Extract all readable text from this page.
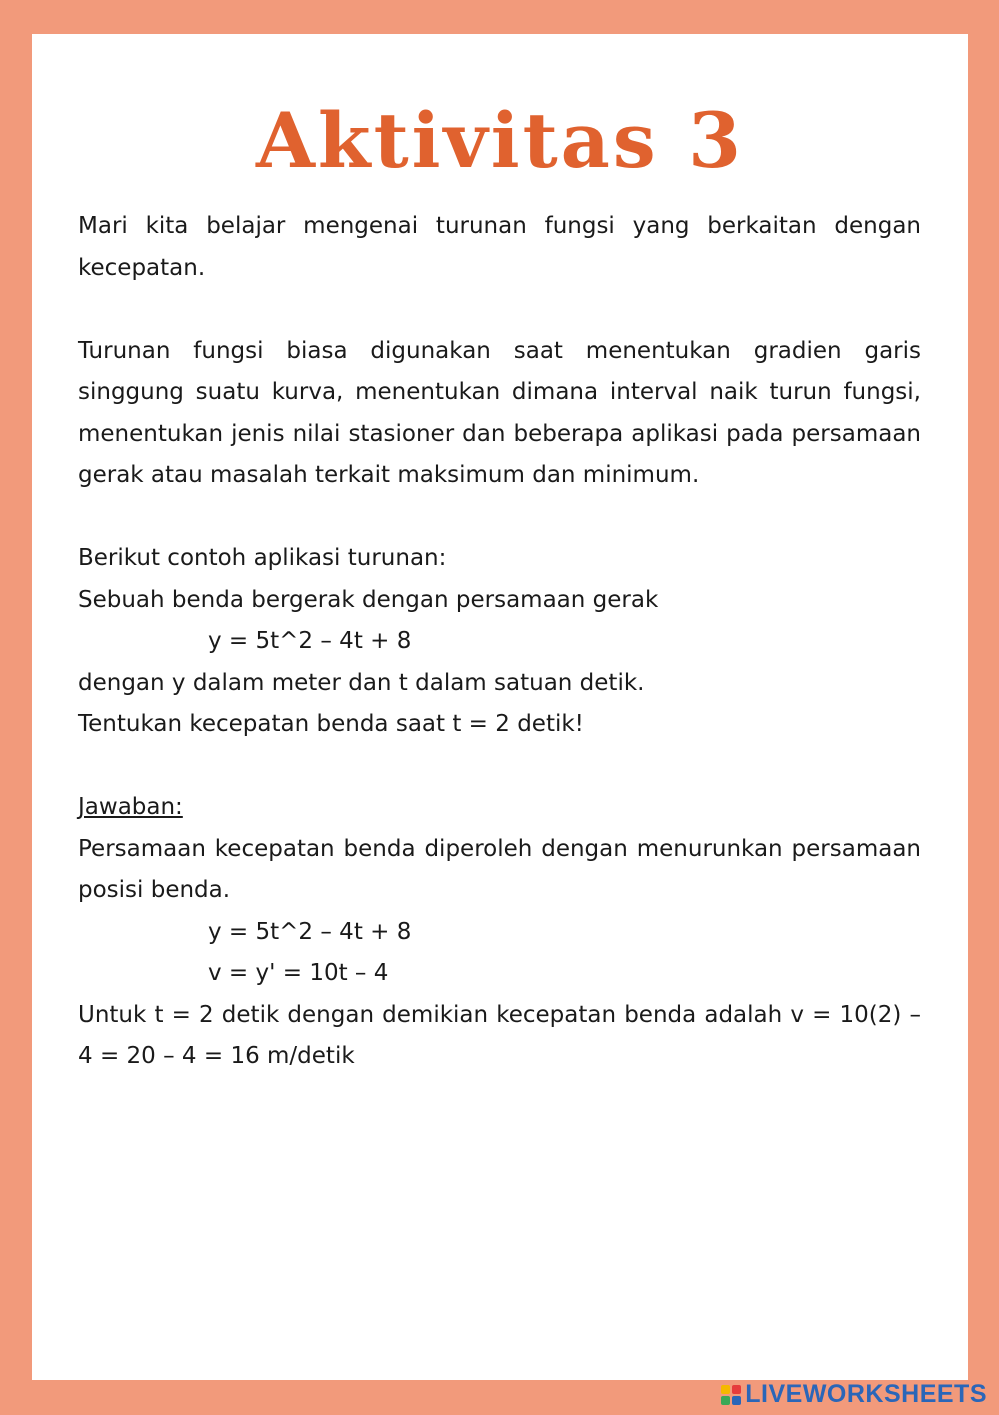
Aktivitas 3

Mari kita belajar mengenai turunan fungsi yang berkaitan dengan kecepatan.

Turunan fungsi biasa digunakan saat menentukan gradien garis singgung suatu kurva, menentukan dimana interval naik turun fungsi, menentukan jenis nilai stasioner dan beberapa aplikasi pada persamaan gerak atau masalah terkait maksimum dan minimum.

Berikut contoh aplikasi turunan:

Sebuah benda bergerak dengan persamaan gerak

y = 5t^2 – 4t + 8

dengan y dalam meter dan t dalam satuan detik.

Tentukan kecepatan benda saat t = 2 detik!

Jawaban:

Persamaan kecepatan benda diperoleh dengan menurunkan persamaan posisi benda.

y = 5t^2 – 4t + 8

v = y' = 10t – 4

Untuk t = 2 detik dengan demikian kecepatan benda adalah v = 10(2) – 4 = 20 – 4 = 16 m/detik

LIVEWORKSHEETS
